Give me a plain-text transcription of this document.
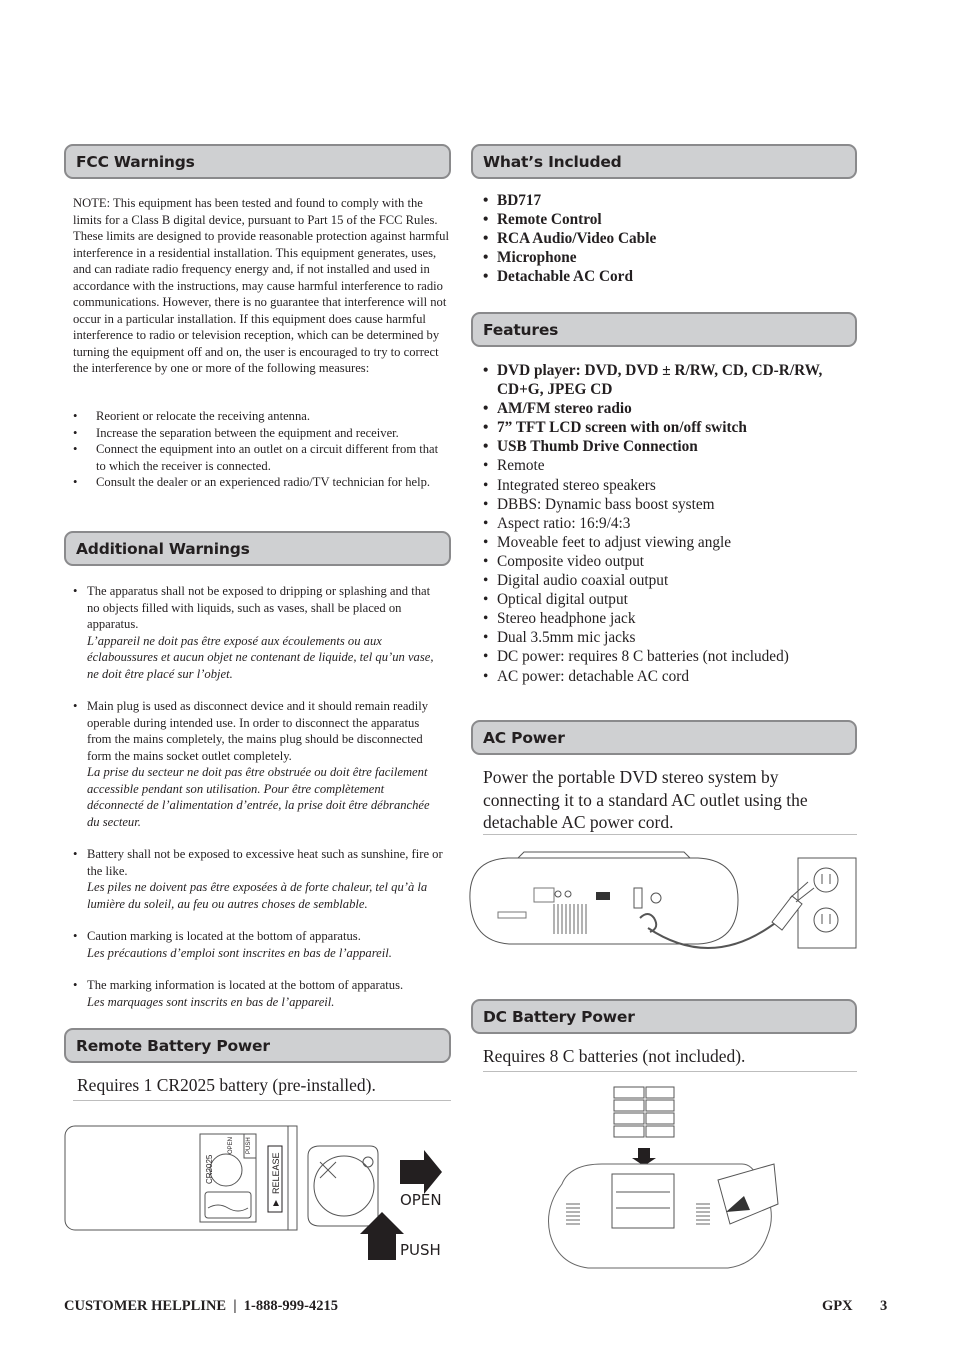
FCC Warnings
NOTE: This equipment has been tested and found to comply with the limits for a Class B digital device, pursuant to Part 15 of the FCC Rules. These limits are designed to provide reasonable protection against harmful interference in a residential installation. This equipment generates, uses, and can radiate radio frequency energy and, if not installed and used in accordance with the instructions, may cause harmful interference to radio communications. However, there is no guarantee that interference will not occur in a particular installation. If this equipment does cause harmful interference to radio or television reception, which can be determined by turning the equipment off and on, the user is encouraged to try to correct the interference by one or more of the following measures:
• Reorient or relocate the receiving antenna.
• Increase the separation between the equipment and receiver.
• Connect the equipment into an outlet on a circuit different from that to which the receiver is connected.
• Consult the dealer or an experienced radio/TV technician for help.
Additional Warnings
• The apparatus shall not be exposed to dripping or splashing and that no objects filled with liquids, such as vases, shall be placed on apparatus.
L’appareil ne doit pas être exposé aux écoulements ou aux éclaboussures et aucun objet ne contenant de liquide, tel qu’un vase, ne doit être placé sur l’objet.
• Main plug is used as disconnect device and it should remain readily operable during intended use. In order to disconnect the apparatus from the mains completely, the mains plug should be disconnected form the mains socket outlet completely.
La prise du secteur ne doit pas être obstruée ou doit être facilement accessible pendant son utilisation. Pour être complètement déconnecté de l’alimentation d’entrée, la prise doit être débranchée du secteur.
• Battery shall not be exposed to excessive heat such as sunshine, fire or the like.
Les piles ne doivent pas être exposées à de forte chaleur, tel qu’à la lumière du soleil, au feu ou autres choses de semblable.
• Caution marking is located at the bottom of apparatus.
Les précautions d’emploi sont inscrites en bas de l’appareil.
• The marking information is located at the bottom of apparatus.
Les marquages sont inscrits en bas de l’appareil.
Remote Battery Power
Requires 1 CR2025 battery (pre-installed).
CR2025
OPEN PUSH
RELEASE
OPEN
PUSH
What’s Included
• BD717
• Remote Control
• RCA Audio/Video Cable
• Microphone
• Detachable AC Cord
Features
• DVD player: DVD, DVD ± R/RW, CD, CD-R/RW, CD+G, JPEG CD
• AM/FM stereo radio
• 7” TFT LCD screen with on/off switch
• USB Thumb Drive Connection
• Remote
• Integrated stereo speakers
• DBBS: Dynamic bass boost system
• Aspect ratio: 16:9/4:3
• Moveable feet to adjust viewing angle
• Composite video output
• Digital audio coaxial output
• Optical digital output
• Stereo headphone jack
• Dual 3.5mm mic jacks
• DC power: requires 8 C batteries (not included)
• AC power: detachable AC cord
AC Power
Power the portable DVD stereo system by connecting it to a standard AC outlet using the detachable AC power cord.
DC Battery Power
Requires 8 C batteries (not included).
CUSTOMER HELPLINE  |  1-888-999-4215	GPX 3
